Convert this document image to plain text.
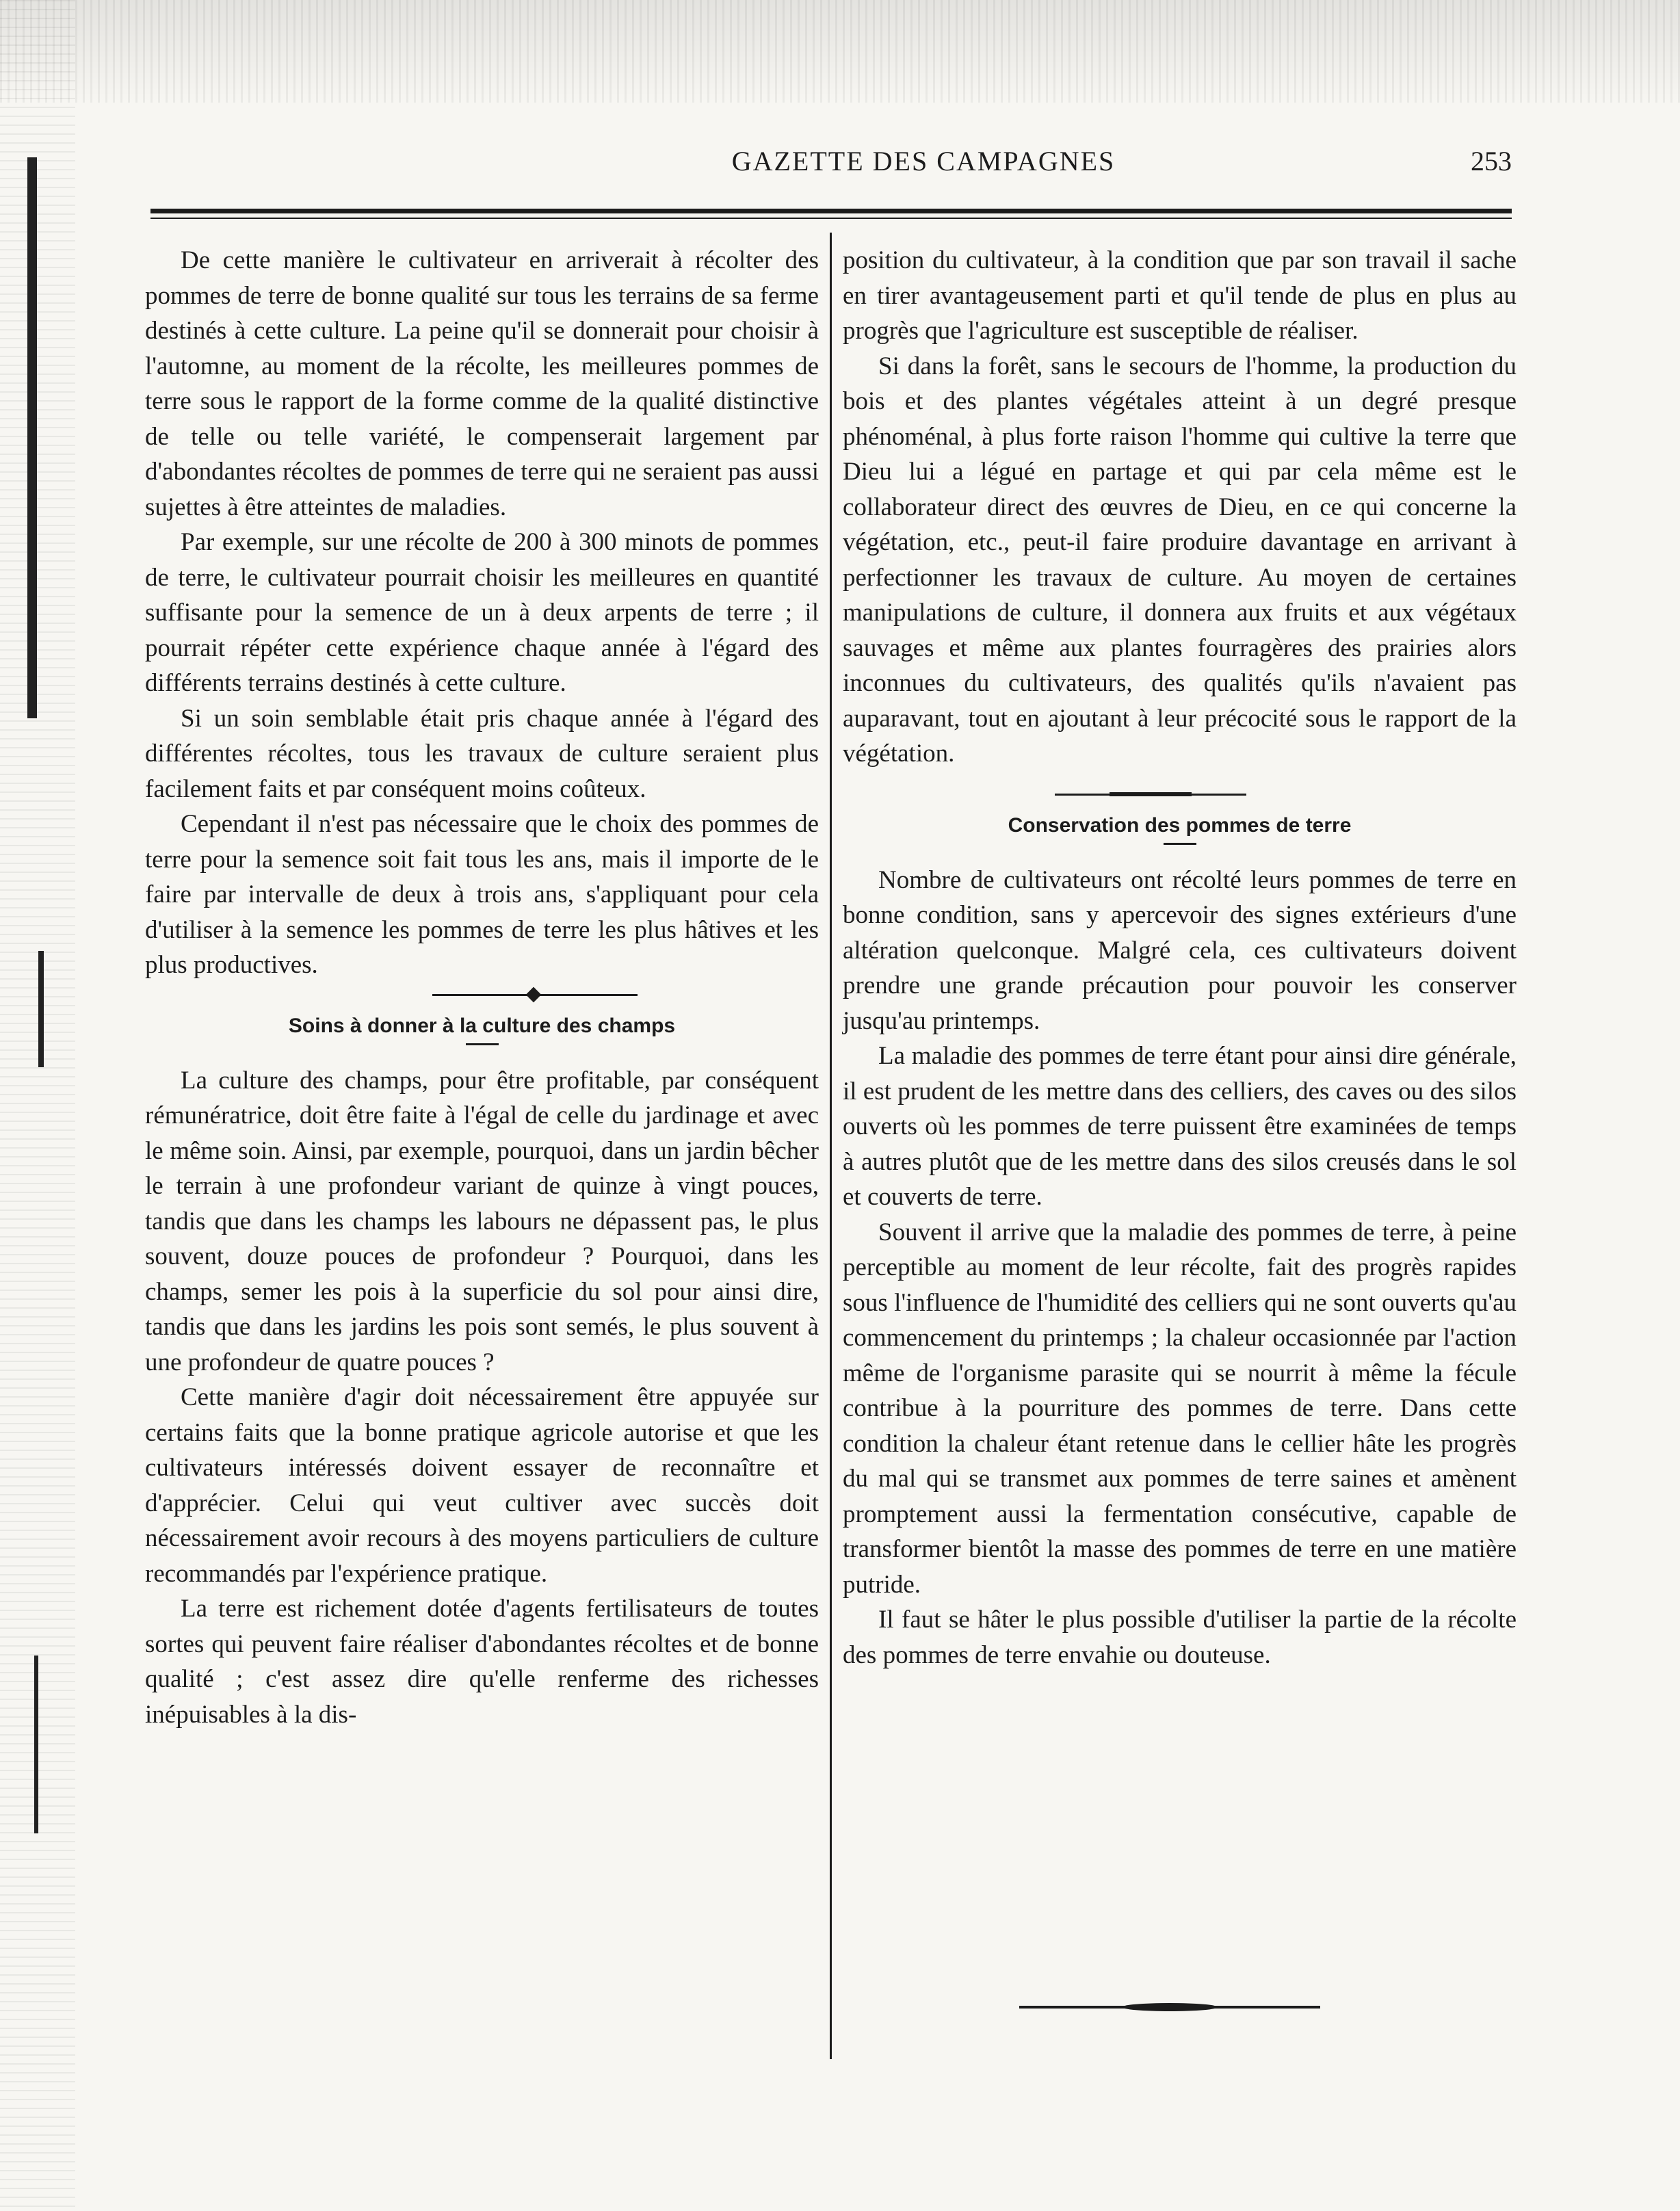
GAZETTE DES CAMPAGNES	253

De cette manière le cultivateur en arriverait à récolter des pommes de terre de bonne qualité sur tous les terrains de sa ferme destinés à cette culture. La peine qu'il se donnerait pour choisir à l'automne, au moment de la récolte, les meilleures pommes de terre sous le rapport de la forme comme de la qualité distinctive de telle ou telle variété, le compenserait largement par d'abondantes récoltes de pommes de terre qui ne seraient pas aussi sujettes à être atteintes de maladies.

Par exemple, sur une récolte de 200 à 300 minots de pommes de terre, le cultivateur pourrait choisir les meilleures en quantité suffisante pour la semence de un à deux arpents de terre ; il pourrait répéter cette expérience chaque année à l'égard des différents terrains destinés à cette culture.

Si un soin semblable était pris chaque année à l'égard des différentes récoltes, tous les travaux de culture seraient plus facilement faits et par conséquent moins coûteux.

Cependant il n'est pas nécessaire que le choix des pommes de terre pour la semence soit fait tous les ans, mais il importe de le faire par intervalle de deux à trois ans, s'appliquant pour cela d'utiliser à la semence les pommes de terre les plus hâtives et les plus productives.

Soins à donner à la culture des champs

La culture des champs, pour être profitable, par conséquent rémunératrice, doit être faite à l'égal de celle du jardinage et avec le même soin. Ainsi, par exemple, pourquoi, dans un jardin bêcher le terrain à une profondeur variant de quinze à vingt pouces, tandis que dans les champs les labours ne dépassent pas, le plus souvent, douze pouces de profondeur ? Pourquoi, dans les champs, semer les pois à la superficie du sol pour ainsi dire, tandis que dans les jardins les pois sont semés, le plus souvent à une profondeur de quatre pouces ?

Cette manière d'agir doit nécessairement être appuyée sur certains faits que la bonne pratique agricole autorise et que les cultivateurs intéressés doivent essayer de reconnaître et d'apprécier. Celui qui veut cultiver avec succès doit nécessairement avoir recours à des moyens particuliers de culture recommandés par l'expérience pratique.

La terre est richement dotée d'agents fertilisateurs de toutes sortes qui peuvent faire réaliser d'abondantes récoltes et de bonne qualité ; c'est assez dire qu'elle renferme des richesses inépuisables à la dis-

position du cultivateur, à la condition que par son travail il sache en tirer avantageusement parti et qu'il tende de plus en plus au progrès que l'agriculture est susceptible de réaliser.

Si dans la forêt, sans le secours de l'homme, la production du bois et des plantes végétales atteint à un degré presque phénoménal, à plus forte raison l'homme qui cultive la terre que Dieu lui a légué en partage et qui par cela même est le collaborateur direct des œuvres de Dieu, en ce qui concerne la végétation, etc., peut-il faire produire davantage en arrivant à perfectionner les travaux de culture. Au moyen de certaines manipulations de culture, il donnera aux fruits et aux végétaux sauvages et même aux plantes fourragères des prairies alors inconnues du cultivateurs, des qualités qu'ils n'avaient pas auparavant, tout en ajoutant à leur précocité sous le rapport de la végétation.

Conservation des pommes de terre

Nombre de cultivateurs ont récolté leurs pommes de terre en bonne condition, sans y apercevoir des signes extérieurs d'une altération quelconque. Malgré cela, ces cultivateurs doivent prendre une grande précaution pour pouvoir les conserver jusqu'au printemps.

La maladie des pommes de terre étant pour ainsi dire générale, il est prudent de les mettre dans des celliers, des caves ou des silos ouverts où les pommes de terre puissent être examinées de temps à autres plutôt que de les mettre dans des silos creusés dans le sol et couverts de terre.

Souvent il arrive que la maladie des pommes de terre, à peine perceptible au moment de leur récolte, fait des progrès rapides sous l'influence de l'humidité des celliers qui ne sont ouverts qu'au commencement du printemps ; la chaleur occasionnée par l'action même de l'organisme parasite qui se nourrit à même la fécule contribue à la pourriture des pommes de terre. Dans cette condition la chaleur étant retenue dans le cellier hâte les progrès du mal qui se transmet aux pommes de terre saines et amènent promptement aussi la fermentation consécutive, capable de transformer bientôt la masse des pommes de terre en une matière putride.

Il faut se hâter le plus possible d'utiliser la partie de la récolte des pommes de terre envahie ou douteuse.
